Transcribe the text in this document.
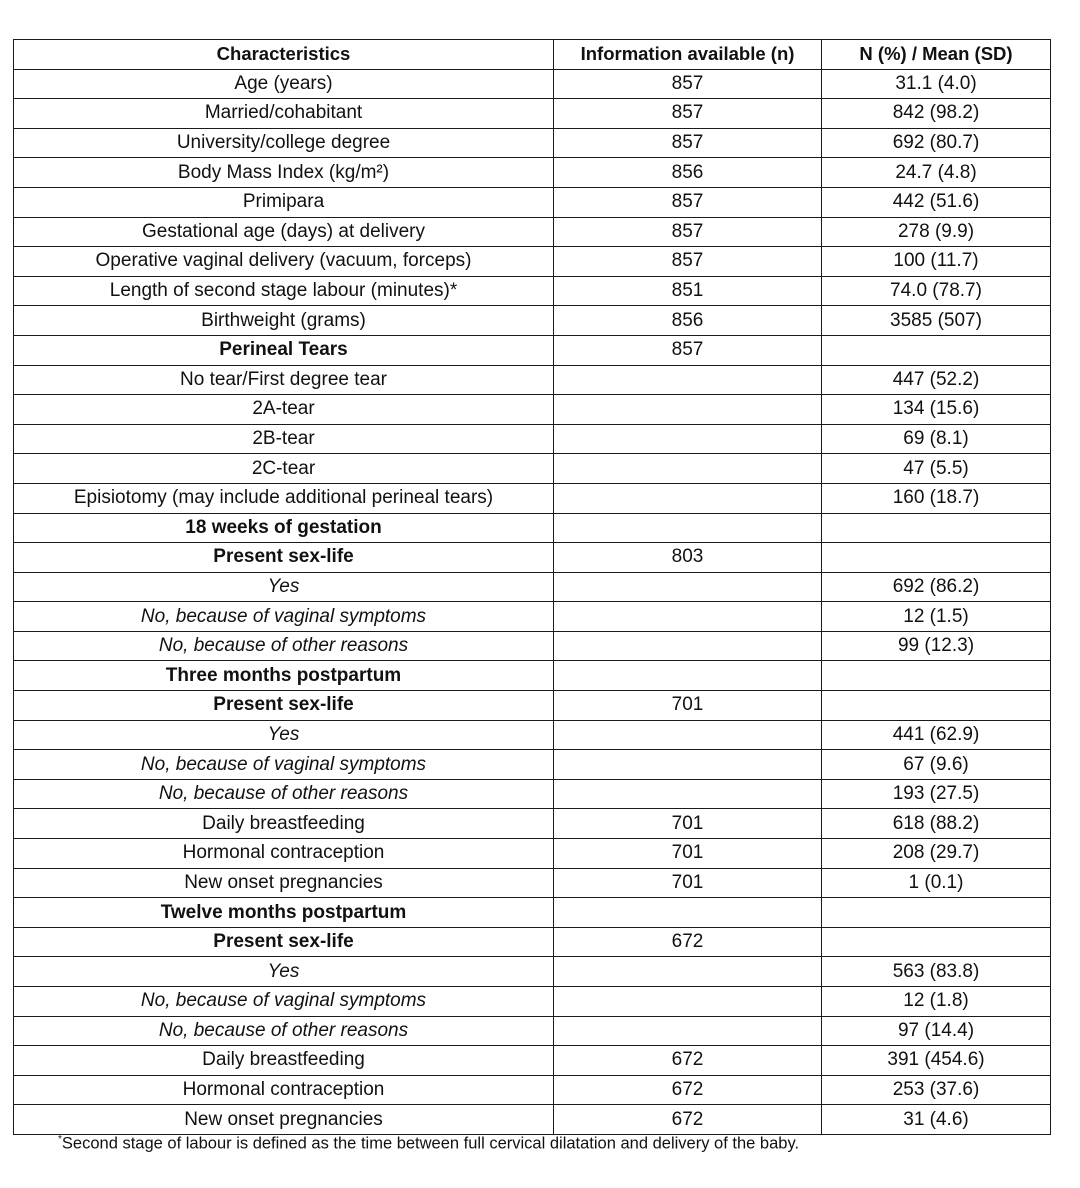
Characteristics	Information available (n)	N (%) / Mean (SD)
Age (years)	857	31.1 (4.0)
Married/cohabitant	857	842 (98.2)
University/college degree	857	692 (80.7)
Body Mass Index (kg/m²)	856	24.7 (4.8)
Primipara	857	442 (51.6)
Gestational age (days) at delivery	857	278 (9.9)
Operative vaginal delivery (vacuum, forceps)	857	100 (11.7)
Length of second stage labour (minutes)*	851	74.0 (78.7)
Birthweight (grams)	856	3585 (507)
Perineal Tears	857	
No tear/First degree tear		447 (52.2)
2A-tear		134 (15.6)
2B-tear		69 (8.1)
2C-tear		47 (5.5)
Episiotomy (may include additional perineal tears)		160 (18.7)
18 weeks of gestation		
Present sex-life	803	
Yes		692 (86.2)
No, because of vaginal symptoms		12 (1.5)
No, because of other reasons		99 (12.3)
Three months postpartum		
Present sex-life	701	
Yes		441 (62.9)
No, because of vaginal symptoms		67 (9.6)
No, because of other reasons		193 (27.5)
Daily breastfeeding	701	618 (88.2)
Hormonal contraception	701	208 (29.7)
New onset pregnancies	701	1 (0.1)
Twelve months postpartum		
Present sex-life	672	
Yes		563 (83.8)
No, because of vaginal symptoms		12 (1.8)
No, because of other reasons		97 (14.4)
Daily breastfeeding	672	391 (454.6)
Hormonal contraception	672	253 (37.6)
New onset pregnancies	672	31 (4.6)
*Second stage of labour is defined as the time between full cervical dilatation and delivery of the baby.
